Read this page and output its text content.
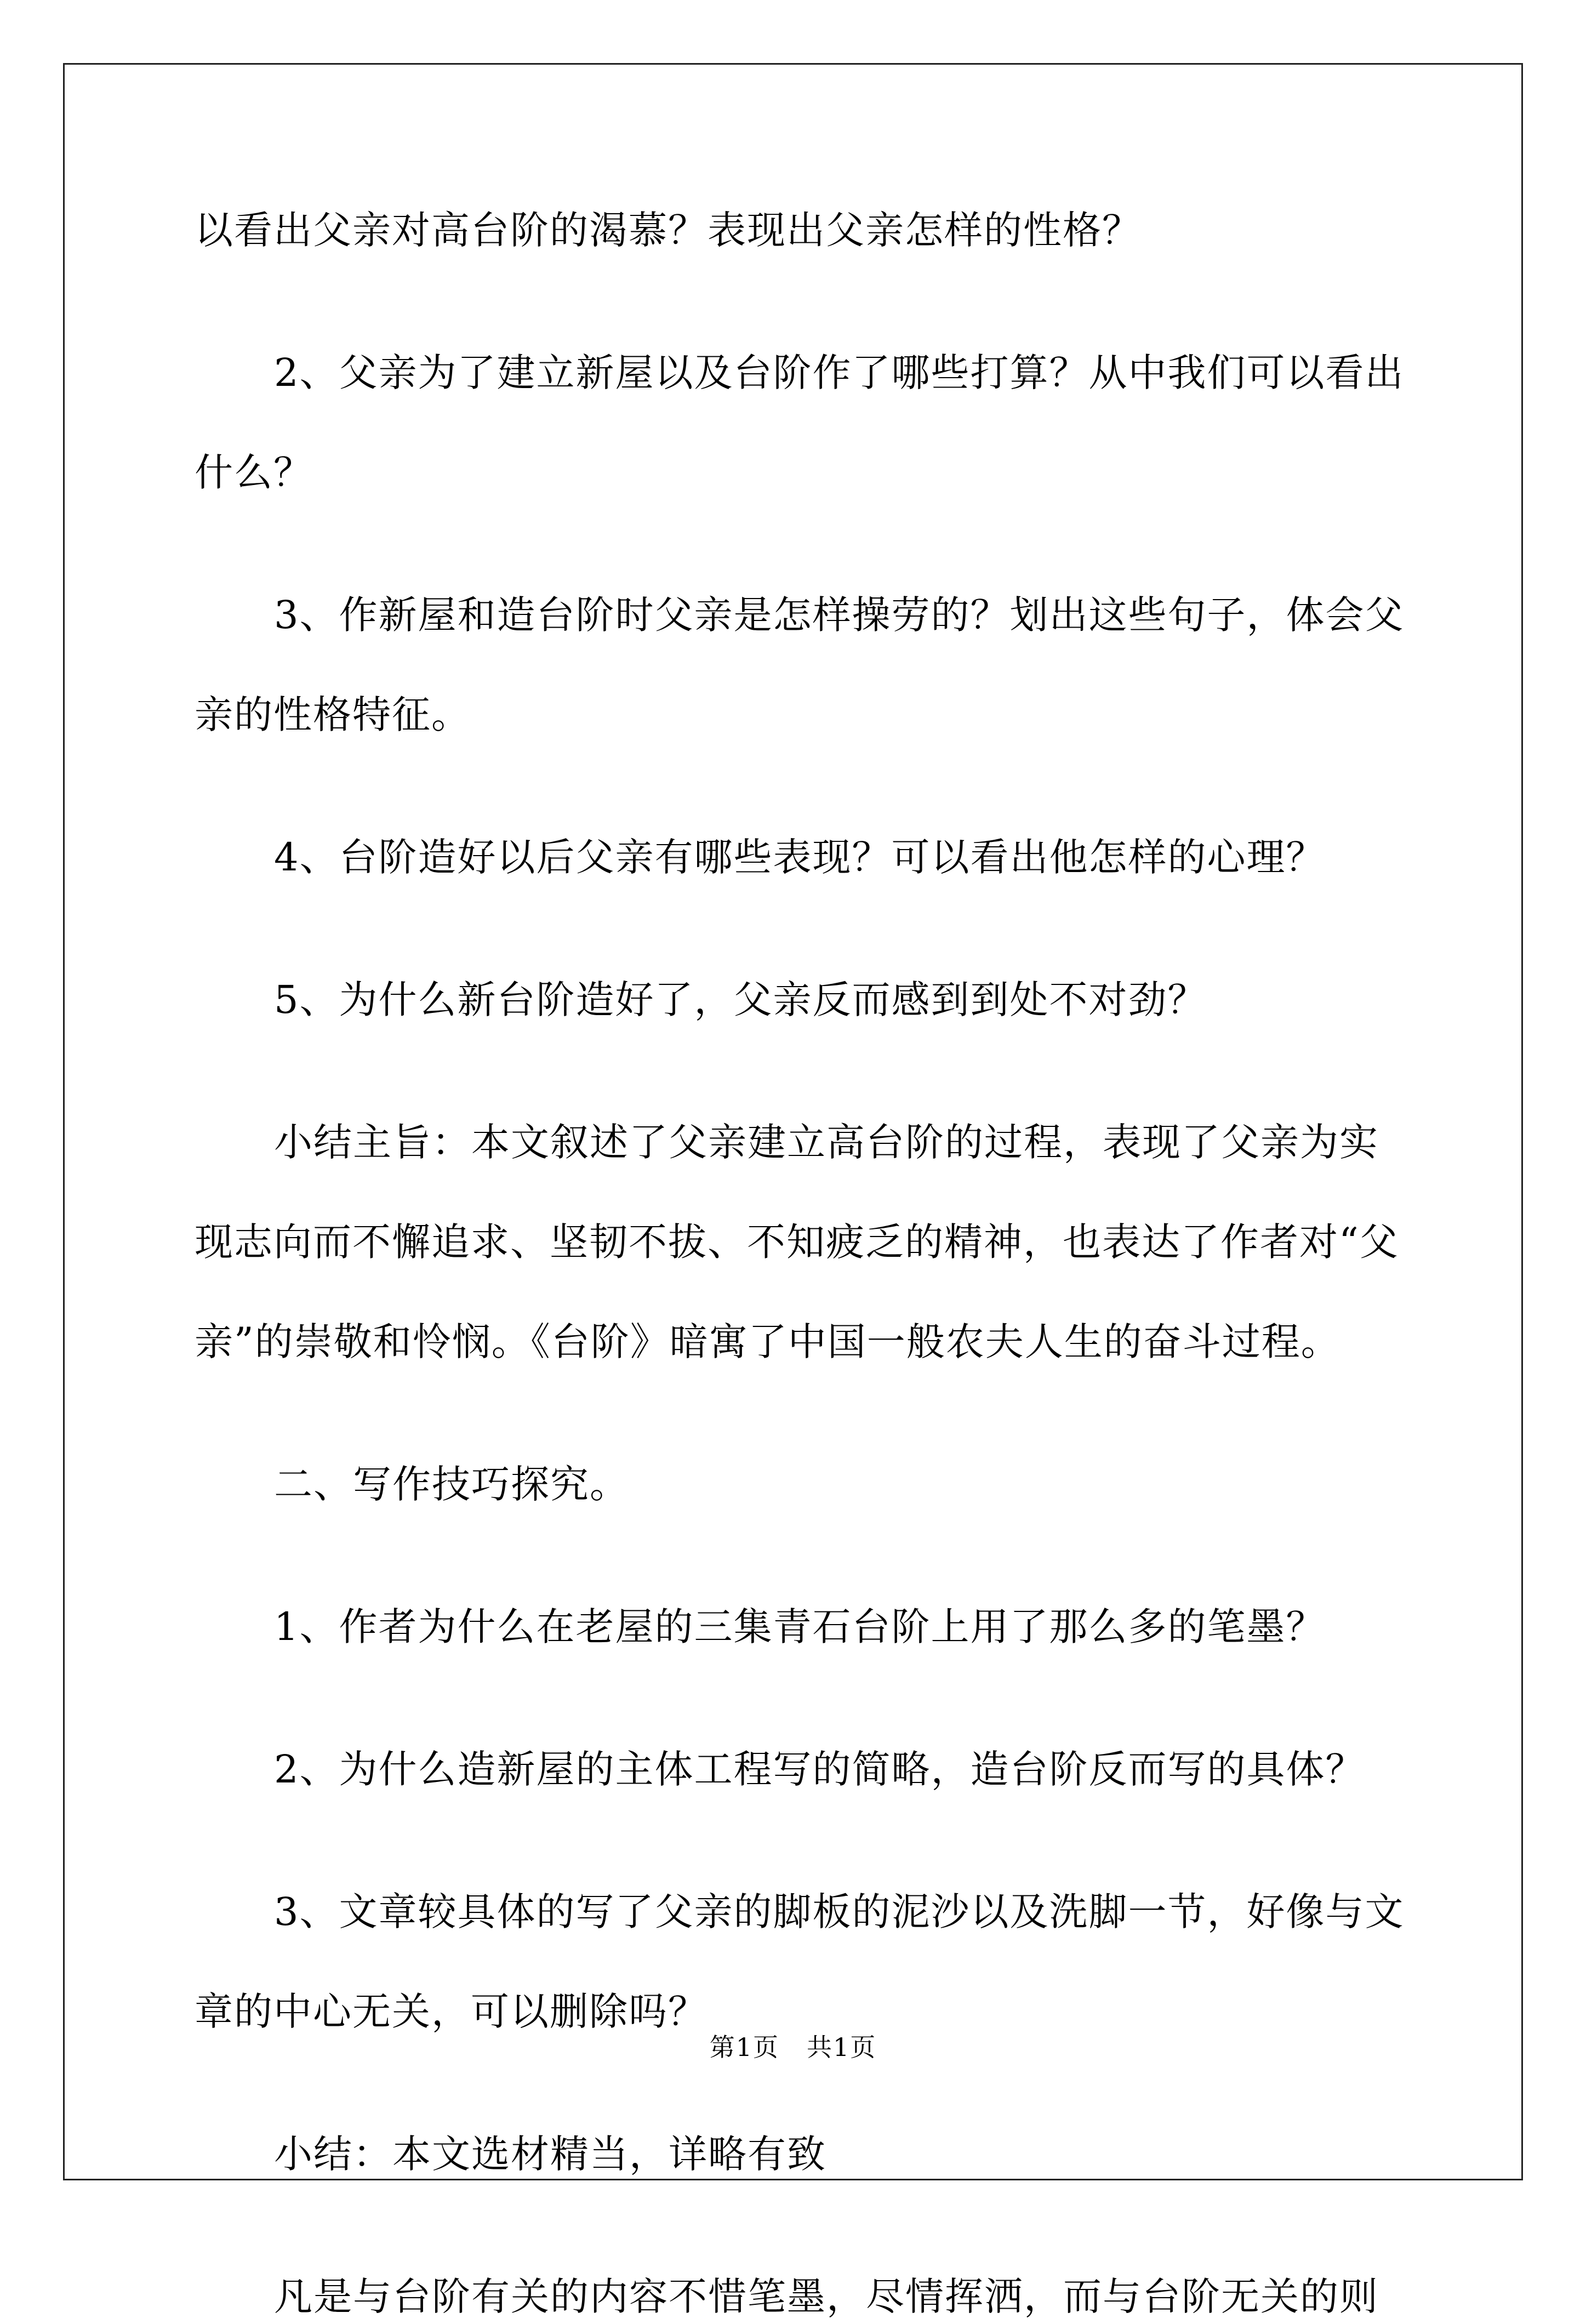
以看出父亲对高台阶的渴慕？表现出父亲怎样的性格？
2、父亲为了建立新屋以及台阶作了哪些打算？从中我们可以看出
什么？
3、作新屋和造台阶时父亲是怎样操劳的？划出这些句子，体会父
亲的性格特征。
4、台阶造好以后父亲有哪些表现？可以看出他怎样的心理？
5、为什么新台阶造好了，父亲反而感到到处不对劲？
小结主旨：本文叙述了父亲建立高台阶的过程，表现了父亲为实
现志向而不懈追求、坚韧不拔、不知疲乏的精神，也表达了作者对“父
亲”的崇敬和怜悯。《台阶》暗寓了中国一般农夫人生的奋斗过程。
二、写作技巧探究。
1、作者为什么在老屋的三集青石台阶上用了那么多的笔墨？
2、为什么造新屋的主体工程写的简略，造台阶反而写的具体？
3、文章较具体的写了父亲的脚板的泥沙以及洗脚一节，好像与文
章的中心无关，可以删除吗？
小结：本文选材精当，详略有致
凡是与台阶有关的内容不惜笔墨，尽情挥洒，而与台阶无关的则
第1页 共1页
